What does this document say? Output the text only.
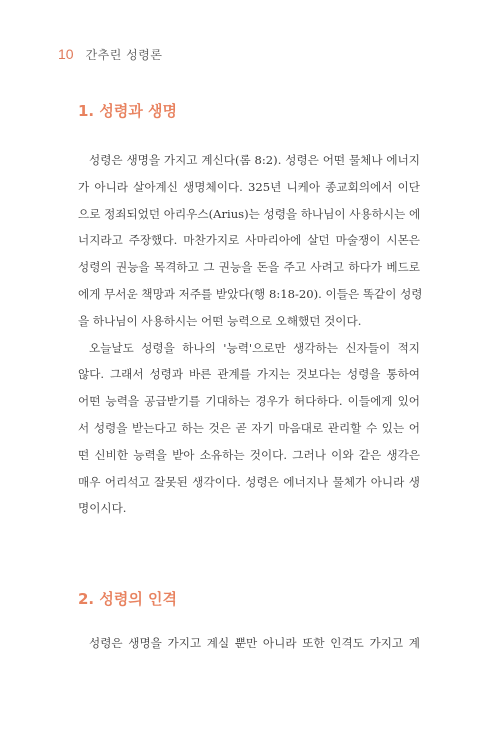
10 간추린 성령론
1. 성령과 생명
성령은 생명을 가지고 계신다(롬 8:2). 성령은 어떤 물체나 에너지
가 아니라 살아계신 생명체이다. 325년 니케아 종교회의에서 이단
으로 정죄되었던 아리우스(Arius)는 성령을 하나님이 사용하시는 에
너지라고 주장했다. 마찬가지로 사마리아에 살던 마술쟁이 시몬은
성령의 권능을 목격하고 그 권능을 돈을 주고 사려고 하다가 베드로
에게 무서운 책망과 저주를 받았다(행 8:18-20). 이들은 똑같이 성령
을 하나님이 사용하시는 어떤 능력으로 오해했던 것이다.
오늘날도 성령을 하나의 '능력'으로만 생각하는 신자들이 적지
않다. 그래서 성령과 바른 관계를 가지는 것보다는 성령을 통하여
어떤 능력을 공급받기를 기대하는 경우가 허다하다. 이들에게 있어
서 성령을 받는다고 하는 것은 곧 자기 마음대로 관리할 수 있는 어
떤 신비한 능력을 받아 소유하는 것이다. 그러나 이와 같은 생각은
매우 어리석고 잘못된 생각이다. 성령은 에너지나 물체가 아니라 생
명이시다.
2. 성령의 인격
성령은 생명을 가지고 계실 뿐만 아니라 또한 인격도 가지고 계
